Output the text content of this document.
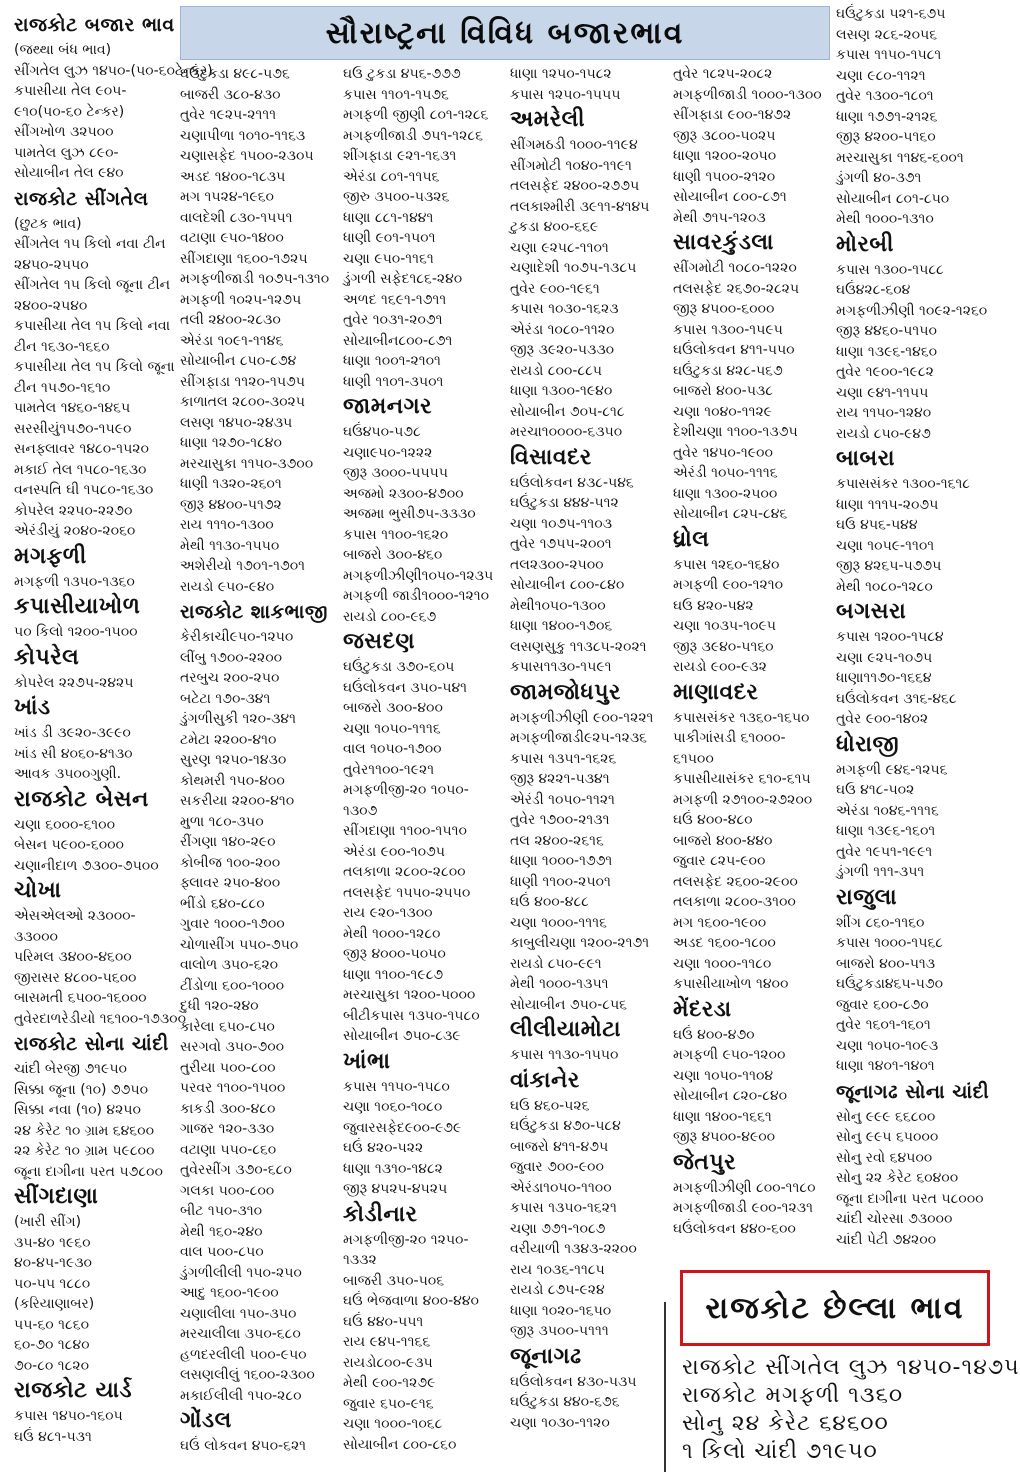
સૌરાષ્ટ્રના વિવિધ બજારભાવ
રાજકોટ બજાર ભાવ
(જથ્થા બંધ ભાવ)
સીંગતેલ લુઝ ૧૪૫૦-(૫૦-૬૦ટેન્કર)
કપાસીયા તેલ ૯૦૫-
૯૧૦(૫૦-૬૦ ટેન્કર)
સીંગખોળ ૩૨૫૦૦
પામતેલ લુઝ ૮૯૦-
સોયાબીન તેલ ૯૪૦
રાજકોટ સીંગતેલ
(છુટક ભાવ)
સીંગતેલ ૧૫ કિલો નવા ટીન
૨૪૫૦-૨૫૫૦
સીંગતેલ ૧૫ કિલો જૂના ટીન
૨૪૦૦-૨૫૪૦
કપાસીયા તેલ ૧૫ કિલો નવા
ટીન ૧૬૩૦-૧૬૬૦
કપાસીયા તેલ ૧૫ કિલો જૂના
ટીન ૧૫૭૦-૧૬૧૦
પામતેલ ૧૪૬૦-૧૪૬૫
સરસીયું૧૫૭૦-૧૫૯૦
સનફ્લાવર ૧૪૮૦-૧૫૨૦
મકાઈ તેલ ૧૫૮૦-૧૬૩૦
વનસ્પતિ ઘી ૧૫૮૦-૧૬૩૦
કોપરેલ ૨૨૫૦-૨૨૭૦
એરંડીયું ૨૦૪૦-૨૦૬૦
મગફળી
મગફળી ૧૩૫૦-૧૩૬૦
કપાસીયાખોળ
૫૦ કિલો ૧૨૦૦-૧૫૦૦
કોપરેલ
કોપરેલ ૨૨૭૫-૨૪૨૫
ખાંડ
ખાંડ ડી ૩૯૨૦-૩૯૯૦
ખાંડ સી ૪૦૬૦-૪૧૩૦
આવક ૩૫૦૦ગુણી.
રાજકોટ બેસન
ચણા ૬૦૦૦-૬૧૦૦
બેસન ૫૯૦૦-૬૦૦૦
ચણાનીદાળ ૭૩૦૦-૭૫૦૦
ચોખા
એસએલઓ ૨૩૦૦૦-
૩૩૦૦૦
પરિમલ ૩૪૦૦-૪૬૦૦
જીરાસર ૪૮૦૦-૫૬૦૦
બાસમતી ૬૫૦૦-૧૬૦૦૦
તુવેરદાળરેડીયો ૧૬૧૦૦-૧૭૩૦૦
રાજકોટ સોના ચાંદી
ચાંદી બેરજી ૭૧૯૫૦
સિક્કા જૂના (૧૦) ૭૭૫૦
સિક્કા નવા (૧૦) ૪૨૫૦
૨૪ કેરેટ ૧૦ ગ્રામ ૬૪૬૦૦
૨૨ કેરેટ ૧૦ ગ્રામ ૫૯૮૦૦
જૂના દાગીના પરત ૫૭૮૦૦
સીંગદાણા
(ખારી સીંગ)
૩૫-૪૦ ૧૯૬૦
૪૦-૪૫-૧૯૩૦
૫૦-૫૫ ૧૮૮૦
(કરિયાણાબર)
૫૫-૬૦ ૧૮૬૦
૬૦-૭૦ ૧૮૪૦
૭૦-૮૦ ૧૮૨૦
રાજકોટ યાર્ડ
કપાસ ૧૪૫૦-૧૬૦૫
ઘઉં ૪૮૧-૫૩૧
ઘઉંટુકડા ૪૯૮-૫૭૬
બાજરી ૩૮૦-૪૩૦
તુવેર ૧૯૨૫-૨૧૧૧
ચણાપીળા ૧૦૧૦-૧૧૬૩
ચણાસફેદ ૧૫૦૦-૨૩૦૫
અડદ ૧૪૦૦-૧૮૩૫
મગ ૧૫૨૪-૧૯૬૦
વાલદેશી ૮૩૦-૧૫૫૧
વટાણા ૯૫૦-૧૪૦૦
સીંગદાણા ૧૬૦૦-૧૭૨૫
મગફળીજાડી ૧૦૭૫-૧૩૧૦
મગફળી ૧૦૨૫-૧૨૭૫
તલી ૨૪૦૦-૨૮૩૦
એરંડા ૧૦૯૧-૧૧૪૬
સોયાબીન ૮૫૦-૮૭૪
સીંગફાડા ૧૧૨૦-૧૫૭૫
કાળાતલ ૨૮૦૦-૩૦૨૫
લસણ ૧૪૫૦-૨૪૩૫
ધાણા ૧૨૭૦-૧૮૪૦
મરચાસુકા ૧૧૫૦-૩૭૦૦
ધાણી ૧૩૨૦-૨૬૦૧
જીરૂ ૪૪૦૦-૫૧૭૨
રાય ૧૧૧૦-૧૩૦૦
મેથી ૧૧૩૦-૧૫૫૦
અશેરીયો ૧૭૦૧-૧૭૦૧
રાયડો ૯૫૦-૯૪૦
રાજકોટ શાકભાજી
કેરીકાચી૯૫૦-૧૨૫૦
લીંબુ ૧૭૦૦-૨૨૦૦
તરબુચ ૨૦૦-૨૫૦
બટેટા ૧૭૦-૩૪૧
ડુંગળીસુકી ૧૨૦-૩૪૧
ટમેટા ૨૨૦૦-૪૧૦
સુરણ ૧૨૫૦-૧૪૩૦
કોથમરી ૧૫૦-૪૦૦
સકરીયા ૨૨૦૦-૪૧૦
મુળા ૧૮૦-૩૫૦
રીંગણા ૧૪૦-૨૯૦
કોબીજ ૧૦૦-૨૦૦
ફ્લાવર ૨૫૦-૪૦૦
ભીંડો ૬૪૦-૮૮૦
ગુવાર ૧૦૦૦-૧૭૦૦
ચોળાસીંગ ૫૫૦-૭૫૦
વાલોળ ૩૫૦-૬૨૦
ટીંડોળા ૬૦૦-૧૦૦૦
દુધી ૧૨૦-૨૪૦
કારેલા ૬૫૦-૮૫૦
સરગવો ૩૫૦-૭૦૦
તુરીયા ૫૦૦-૮૦૦
પરવર ૧૧૦૦-૧૫૦૦
કાકડી ૩૦૦-૪૮૦
ગાજર ૧૨૦-૩૩૦
વટાણા ૫૫૦-૮૬૦
તુવેરસીંગ ૩૭૦-૬૮૦
ગલકા ૫૦૦-૮૦૦
બીટ ૧૫૦-૩૧૦
મેથી ૧૬૦-૨૪૦
વાલ ૫૦૦-૮૫૦
ડુંગળીલીલી ૧૫૦-૨૫૦
આદુ ૧૬૦૦-૧૯૦૦
ચણાલીલા ૧૫૦-૩૫૦
મરચાલીલા ૩૫૦-૬૮૦
હળદરલીલી ૫૦૦-૯૫૦
લસણલીલું ૧૬૦૦-૨૩૦૦
મકાઈલીલી ૧૫૦-૨૮૦
ગોંડલ
ઘઉં લોકવન ૪૫૦-૬૨૧
ઘઉ ટુકડા ૪૫૬-૭૭૭
કપાસ ૧૧૦૧-૧૫૭૬
મગફળી જીણી ૮૦૧-૧૨૮૬
મગફળીજાડી ૭૫૧-૧૨૮૬
શીંગફાડા ૯૨૧-૧૬૩૧
એરંડા ૮૦૧-૧૧૫૬
જીરુ ૩૫૦૦-૫૩૨૬
ધાણા ૮૮૧-૧૪૪૧
ધાણી ૯૦૧-૧૫૦૧
ચણા ૯૫૦-૧૧૬૧
ડુંગળી સફેદ૧૮૬-૨૪૦
અળદ ૧૬૯૧-૧૭૧૧
તુવેર ૧૦૩૧-૨૦૭૧
સોયાબીન૮૦૦-૮૭૧
ધાણા ૧૦૦૧-૨૧૦૧
ધાણી ૧૧૦૧-૩૫૦૧
જામનગર
ઘઉં૪૫૦-૫૭૮
ચણા૯૫૦-૧૨૨૨
જીરૂ ૩૦૦૦-૫૫૫૫
અજમો ૨૩૦૦-૪૭૦૦
અજમા ભુસી૭૫-૩૩૩૦
કપાસ ૧૧૦૦-૧૬૨૦
બાજરો ૩૦૦-૪૬૦
મગફળીઝીણી૧૦૫૦-૧૨૩૫
મગફળી જાડી૧૦૦૦-૧૨૧૦
રાયડો ૮૦૦-૯૬૭
જસદણ
ઘઉંટુકડા ૩૭૦-૬૦૫
ઘઉંલોકવન ૩૫૦-૫૪૧
બાજરો ૩૦૦-૪૦૦
ચણા ૧૦૫૦-૧૧૧૬
વાલ ૧૦૫૦-૧૭૦૦
તુવેર૧૧૦૦-૧૯૨૧
મગફળીજી-૨૦ ૧૦૫૦-
૧૩૦૭
સીંગદાણા ૧૧૦૦-૧૫૧૦
એરંડા ૯૦૦-૧૦૭૫
તલકાળા ૨૮૦૦-૨૮૦૦
તલસફેદ ૧૫૫૦-૨૫૫૦
રાય ૯૨૦-૧૩૦૦
મેથી ૧૦૦૦-૧૨૮૦
જીરૂ ૪૦૦૦-૫૦૫૦
ધાણા ૧૧૦૦-૧૯૮૭
મરચાસુકા ૧૨૦૦-૫૦૦૦
બીટીકપાસ ૧૩૫૦-૧૫૮૦
સોયાબીન ૭૫૦-૮૩૯
ખાંભા
કપાસ ૧૧૫૦-૧૫૮૦
ચણા ૧૦૬૦-૧૦૮૦
જુવારસફેદ૯૦૦-૯૭૯
ઘઉં ૪૨૦-૫૨૨
ધાણા ૧૩૧૦-૧૪૮૨
જીરૂ ૪૫૨૫-૪૫૨૫
કોડીનાર
મગફળીજી-૨૦ ૧૨૫૦-
૧૩૩૨
બાજરી ૩૫૦-૫૦૬
ઘઉં ભેજવાળા ૪૦૦-૪૪૦
ઘઉં ૪૪૦-૫૫૧
રાય ૯૪૫-૧૧૬૬
રાયડો૮૦૦-૯૩૫
મેથી ૯૦૦-૧૨૭૯
જુવાર ૬૫૦-૯૧૬
ચણા ૧૦૦૦-૧૦૬૮
સોયાબીન ૮૦૦-૮૬૦
ધાણા ૧૨૫૦-૧૫૮૨
કપાસ ૧૨૫૦-૧૫૫૫
અમરેલી
સીંગમઠડી ૧૦૦૦-૧૧૯૪
સીંગમોટી ૧૦૪૦-૧૧૯૧
તલસફેદ ૨૪૦૦-૨૭૭૫
તલકાશ્મીરી ૩૯૧૧-૪૧૪૫
ટુકડા ૪૦૦-૬૬૯
ચણા ૯૨૫૮-૧૧૦૧
ચણાદેશી ૧૦૭૫-૧૩૮૫
તુવેર ૯૦૦-૧૯૬૧
કપાસ ૧૦૩૦-૧૬૨૩
એરંડા ૧૦૮૦-૧૧૨૦
જીરૂ ૩૯૨૦-૫૩૩૦
રાયડો ૮૦૦-૮૮૫
ધાણા ૧૩૦૦-૧૯૪૦
સોયાબીન ૭૦૫-૮૧૮
મરચા૧૦૦૦૦-૬૩૫૦
વિસાવદર
ઘઉંલોકવન ૪૩૮-૫૪૬
ઘઉંટુકડા ૪૪૪-૫૧૨
ચણા ૧૦૭૫-૧૧૦૩
તુવેર ૧૭૫૫-૨૦૦૧
તલ૨૩૦૦-૨૫૦૦
સોયાબીન ૮૦૦-૮૪૦
મેથી૧૦૫૦-૧૩૦૦
ધાણા ૧૪૦૦-૧૭૦૬
લસણસુકુ ૧૧૩૮૫-૨૦૨૧
કપાસ૧૧૩૦-૧૫૯૧
જામજોધપુર
મગફળીઝીણી ૯૦૦-૧૨૨૧
મગફળીજાડી૯૨૫-૧૨૩૬
કપાસ ૧૩૫૧-૧૬૨૬
જીરૂ ૪૨૨૧-૫૩૪૧
એરંડી ૧૦૫૦-૧૧૨૧
તુવેર ૧૭૦૦-૨૧૩૧
તલ ૨૪૦૦-૨૬૧૬
ધાણા ૧૦૦૦-૧૭૭૧
ધાણી ૧૧૦૦-૨૫૦૧
ઘઉં ૪૦૦-૪૮૮
ચણા ૧૦૦૦-૧૧૧૬
કાબુલીચણા ૧૨૦૦-૨૧૭૧
રાયડો ૮૫૦-૯૯૧
મેથી ૧૦૦૦-૧૩૫૧
સોયાબીન ૭૫૦-૮૫૬
લીલીયામોટા
કપાસ ૧૧૩૦-૧૫૫૦
વાંકાનેર
ઘઉ ૪૬૦-૫૨૬
ઘઉંટુકડા ૪૭૦-૫૮૪
બાજરો ૪૧૧-૪૭૫
જુવાર ૭૦૦-૯૦૦
એરંડા૧૦૫૦-૧૧૦૦
કપાસ ૧૩૫૦-૧૬૨૧
ચણા ૭૭૧-૧૦૮૭
વરીયાળી ૧૩૪૩-૨૨૦૦
રાય ૧૦૩૬-૧૧૮૫
રાયડો ૮૭૫-૯૨૪
ધાણા ૧૦૨૦-૧૬૫૦
જીરૂ ૩૫૦૦-૫૧૧૧
જૂનાગઢ
ઘઉંલોકવન ૪૩૦-૫૩૫
ઘઉંટુકડા ૪૪૦-૬૭૬
ચણા ૧૦૩૦-૧૧૨૦
તુવેર ૧૮૨૫-૨૦૮૨
મગફળીજાડી ૧૦૦૦-૧૩૦૦
સીંગફાડા ૯૦૦-૧૪૭૨
જીરૂ ૩૮૦૦-૫૦૨૫
ધાણા ૧૨૦૦-૨૦૫૦
ધાણી ૧૫૦૦-૨૧૨૦
સોયાબીન ૮૦૦-૮૭૧
મેથી ૭૧૫-૧૨૦૩
સાવરકુંડલા
સીંગમોટી ૧૦૮૦-૧૨૨૦
તલસફેદ ૨૬૭૦-૨૮૨૫
જીરૂ ૪૫૦૦-૬૦૦૦
કપાસ ૧૩૦૦-૧૫૯૫
ઘઉંલોકવન ૪૧૧-૫૫૦
ઘઉંટુકડા ૪૨૮-૫૬૭
બાજરો ૪૦૦-૫૩૮
ચણા ૧૦૪૦-૧૧૨૯
દેશીચણા ૧૧૦૦-૧૩૭૫
તુવેર ૧૪૫૦-૧૯૦૦
એરંડી ૧૦૫૦-૧૧૧૬
ધાણા ૧૩૦૦-૨૫૦૦
સોયાબીન ૮૨૫-૮૪૬
ધ્રોલ
કપાસ ૧૨૬૦-૧૬૪૦
મગફળી ૯૦૦-૧૨૧૦
ઘઉ ૪૨૦-૫૪૨
ચણા ૧૦૩૫-૧૦૯૫
જીરૂ ૩૯૪૦-૫૧૬૦
રાયડો ૯૦૦-૯૩૨
માણાવદર
કપાસસંકર ૧૩૬૦-૧૬૫૦
પાકીગાંસડી ૬૧૦૦૦-
૬૧૫૦૦
કપાસીયાસંકર ૬૧૦-૬૧૫
મગફળી ૨૭૧૦૦-૨૭૨૦૦
ઘઉં ૪૦૦-૪૮૦
બાજરો ૪૦૦-૪૪૦
જુવાર ૮૨૫-૯૦૦
તલસફેદ ૨૬૦૦-૨૯૦૦
તલકાળા ૨૮૦૦-૩૧૦૦
મગ ૧૬૦૦-૧૯૦૦
અડદ ૧૬૦૦-૧૮૦૦
ચણા ૧૦૦૦-૧૧૮૦
કપાસીયાખોળ ૧૪૦૦
મેંદરડા
ઘઉં ૪૦૦-૪૭૦
મગફળી ૯૫૦-૧૨૦૦
ચણા ૧૦૫૦-૧૧૦૪
સોયાબીન ૮૨૦-૮૪૦
ધાણા ૧૪૦૦-૧૬૬૧
જીરૂ ૪૫૦૦-૪૯૦૦
જેતપુર
મગફળીઝીણી ૮૦૦-૧૧૮૦
મગફળીજાડી ૯૦૦-૧૨૩૧
ઘઉંલોકવન ૪૪૦-૬૦૦
ઘઉંટુકડા ૫૨૧-૬૭૫
લસણ ૨૮૬-૨૦૫૬
કપાસ ૧૧૫૦-૧૫૮૧
ચણા ૯૮૦-૧૧૨૧
તુવેર ૧૩૦૦-૧૮૦૧
ધાણા ૧૭૭૧-૨૧૨૬
જીરૂ ૪૨૦૦-૫૧૬૦
મરચાસુકા ૧૧૪૬-૬૦૦૧
ડુંગળી ૪૦-૩૭૧
સોયાબીન ૮૦૧-૮૫૦
મેથી ૧૦૦૦-૧૩૧૦
મોરબી
કપાસ ૧૩૦૦-૧૫૮૮
ઘઉં૪૨૮-૬૦૪
મગફળીઝીણી ૧૦૯૨-૧૨૬૦
જીરૂ ૪૪૬૦-૫૧૫૦
ધાણા ૧૩૯૬-૧૪૬૦
તુવેર ૧૯૦૦-૧૯૮૨
ચણા ૯૪૧-૧૧૫૫
રાય ૧૧૫૦-૧૨૪૦
રાયડો ૮૫૦-૯૪૭
બાબરા
કપાસસંકર ૧૩૦૦-૧૬૧૮
ધાણા ૧૧૧૫-૨૦૭૫
ઘઉ ૪૫૬-૫૪૪
ચણા ૧૦૫૯-૧૧૦૧
જીરૂ ૪૨૬૫-૫૭૭૫
મેથી ૧૦૮૦-૧૨૮૦
બગસરા
કપાસ ૧૨૦૦-૧૫૮૪
ચણા ૯૨૫-૧૦૭૫
ધાણા૧૧૭૦-૧૬૬૪
ઘઉંલોકવન ૩૧૬-૪૬૮
તુવેર ૯૦૦-૧૪૦૨
ધોરાજી
મગફળી ૯૪૬-૧૨૫૬
ઘઉ ૪૧૮-૫૦૨
એરંડા ૧૦૪૬-૧૧૧૬
ધાણા ૧૩૯૬-૧૬૦૧
તુવેર ૧૯૫૧-૧૯૯૧
ડુંગળી ૧૧૧-૩૫૧
રાજુલા
શીંગ ૮૬૦-૧૧૬૦
કપાસ ૧૦૦૦-૧૫૬૮
બાજરો ૪૦૦-૫૧૩
ઘઉંટુકડા૪૬૫-૫૭૦
જુવાર ૬૦૦-૮૭૦
તુવેર ૧૬૦૧-૧૬૦૧
ચણા ૧૦૫૦-૧૦૯૩
ધાણા ૧૪૦૧-૧૪૦૧
જૂનાગઢ સોના ચાંદી
સોનુ ૯૯૯ ૬૬૮૦૦
સોનુ ૯૯૫ ૬૫૦૦૦
સોનુ રવો ૬૪૫૦૦
સોનુ ૨૨ કેરેટ ૬૦૪૦૦
જૂના દાગીના પરત ૫૮૦૦૦
ચાંદી ચોરસા ૭૩૦૦૦
ચાંદી પેટી ૭૪૨૦૦
રાજકોટ છેલ્લા ભાવ
રાજકોટ સીંગતેલ લુઝ ૧૪૫૦-૧૪૭૫
રાજકોટ મગફળી ૧૩૬૦
સોનુ ૨૪ કેરેટ ૬૪૬૦૦
૧ કિલો ચાંદી ૭૧૯૫૦
